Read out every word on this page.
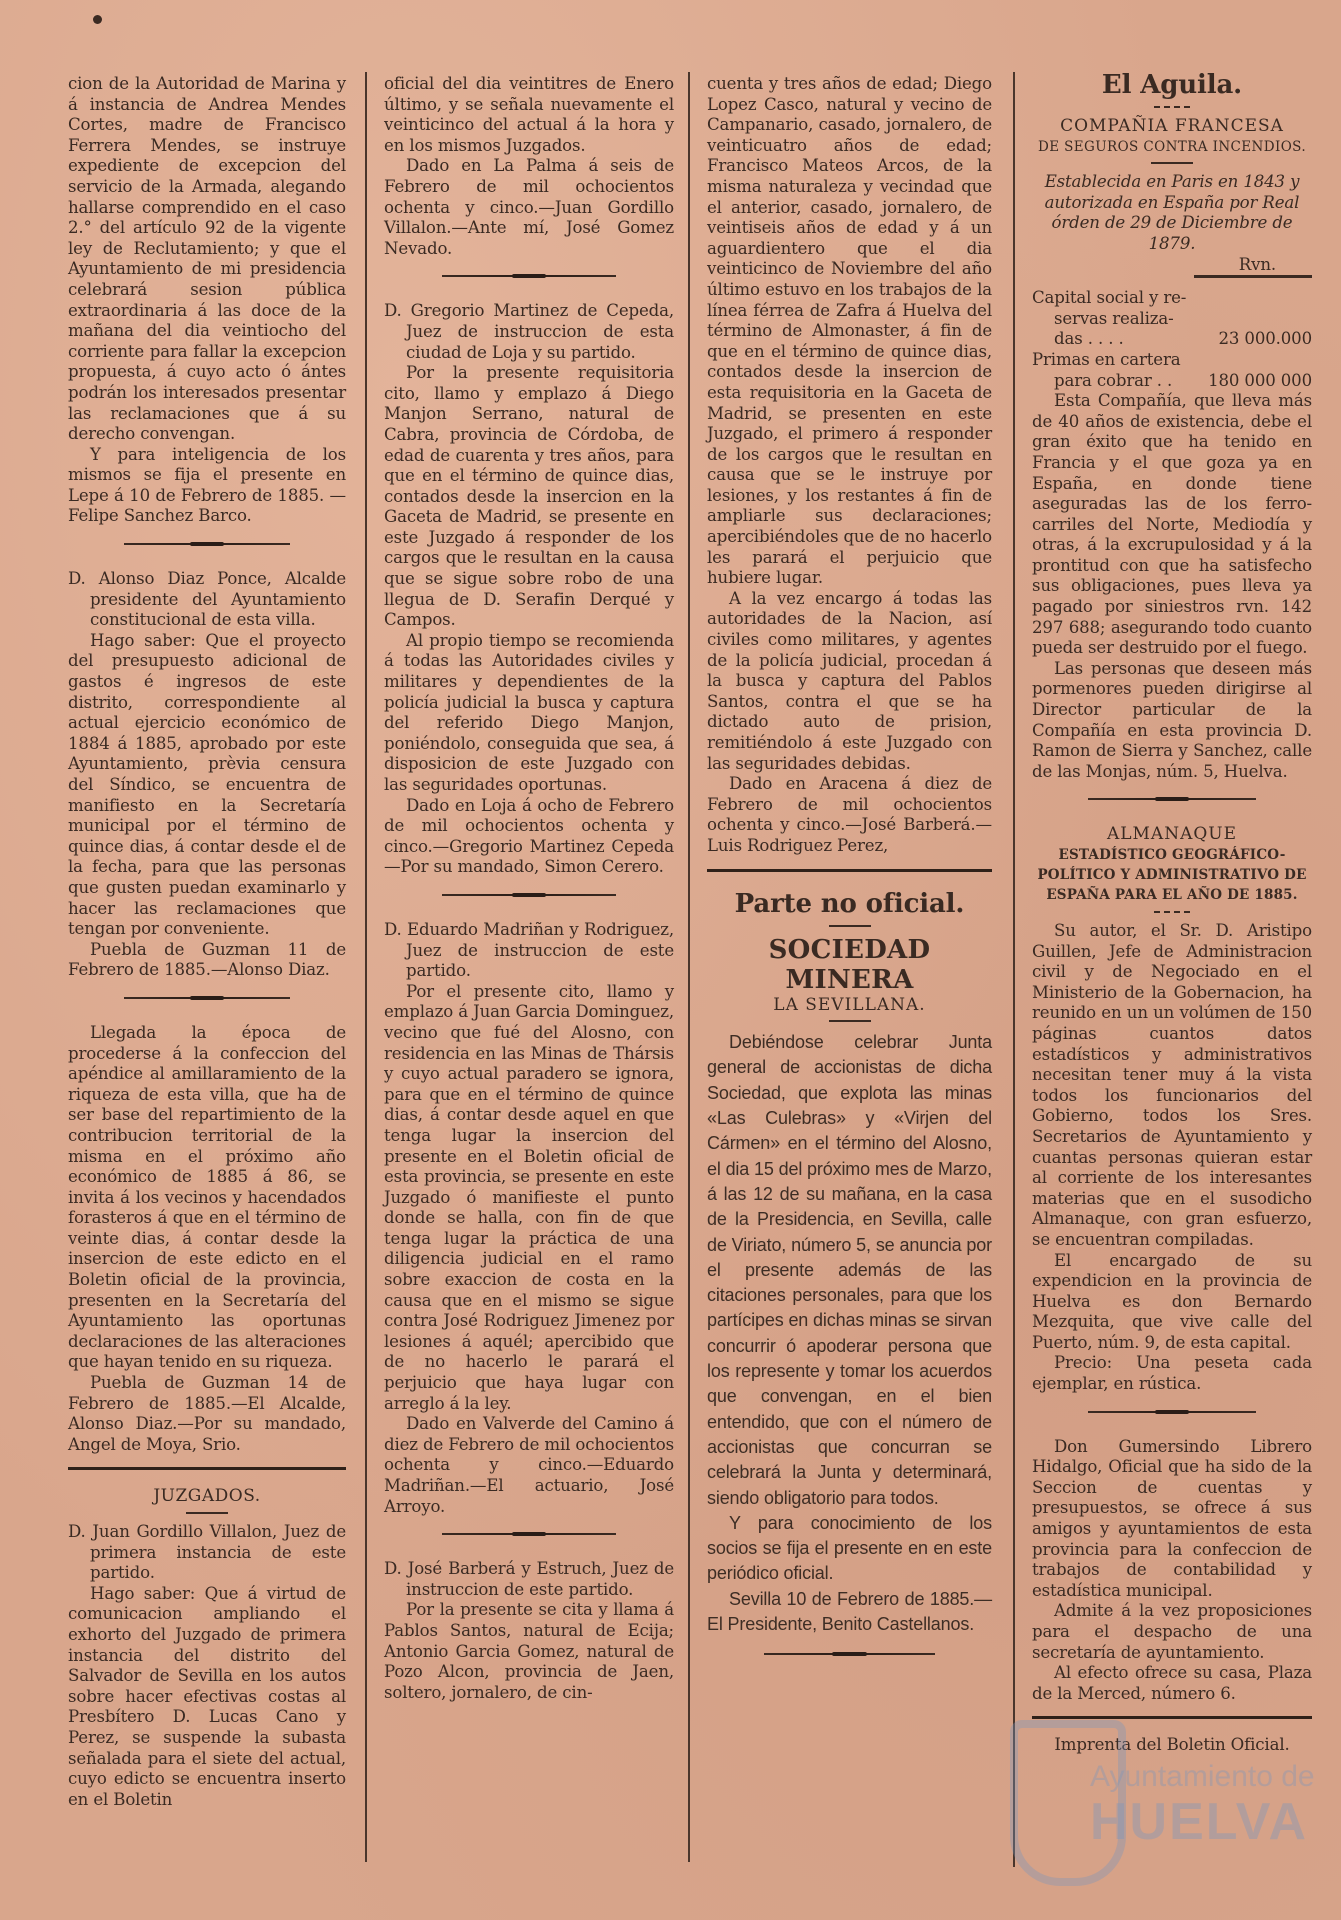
cion de la Autoridad de Marina y á instancia de Andrea Mendes Cortes, madre de Francisco Ferrera Mendes, se instruye expediente de excepcion del servicio de la Armada, alegando hallarse comprendido en el caso 2.° del artículo 92 de la vigente ley de Reclutamiento; y que el Ayuntamiento de mi presidencia celebrará sesion pública extraordinaria á las doce de la mañana del dia veintiocho del corriente para fallar la excepcion propuesta, á cuyo acto ó ántes podrán los interesados presentar las reclamaciones que á su derecho convengan.

Y para inteligencia de los mismos se fija el presente en Lepe á 10 de Febrero de 1885. —Felipe Sanchez Barco.

D. Alonso Diaz Ponce, Alcalde presidente del Ayuntamiento constitucional de esta villa.

Hago saber: Que el proyecto del presupuesto adicional de gastos é ingresos de este distrito, correspondiente al actual ejercicio económico de 1884 á 1885, aprobado por este Ayuntamiento, prèvia censura del Síndico, se encuentra de manifiesto en la Secretaría municipal por el término de quince dias, á contar desde el de la fecha, para que las personas que gusten puedan examinarlo y hacer las reclamaciones que tengan por conveniente.

Puebla de Guzman 11 de Febrero de 1885.—Alonso Diaz.

Llegada la época de procederse á la confeccion del apéndice al amillaramiento de la riqueza de esta villa, que ha de ser base del repartimiento de la contribucion territorial de la misma en el próximo año económico de 1885 á 86, se invita á los vecinos y hacendados forasteros á que en el término de veinte dias, á contar desde la insercion de este edicto en el Boletin oficial de la provincia, presenten en la Secretaría del Ayuntamiento las oportunas declaraciones de las alteraciones que hayan tenido en su riqueza.

Puebla de Guzman 14 de Febrero de 1885.—El Alcalde, Alonso Diaz.—Por su mandado, Angel de Moya, Srio.

JUZGADOS.

D. Juan Gordillo Villalon, Juez de primera instancia de este partido.

Hago saber: Que á virtud de comunicacion ampliando el exhorto del Juzgado de primera instancia del distrito del Salvador de Sevilla en los autos sobre hacer efectivas costas al Presbítero D. Lucas Cano y Perez, se suspende la subasta señalada para el siete del actual, cuyo edicto se encuentra inserto en el Boletin

oficial del dia veintitres de Enero último, y se señala nuevamente el veinticinco del actual á la hora y en los mismos Juzgados.

Dado en La Palma á seis de Febrero de mil ochocientos ochenta y cinco.—Juan Gordillo Villalon.—Ante mí, José Gomez Nevado.

D. Gregorio Martinez de Cepeda, Juez de instruccion de esta ciudad de Loja y su partido.

Por la presente requisitoria cito, llamo y emplazo á Diego Manjon Serrano, natural de Cabra, provincia de Córdoba, de edad de cuarenta y tres años, para que en el término de quince dias, contados desde la insercion en la Gaceta de Madrid, se presente en este Juzgado á responder de los cargos que le resultan en la causa que se sigue sobre robo de una llegua de D. Serafin Derqué y Campos.

Al propio tiempo se recomienda á todas las Autoridades civiles y militares y dependientes de la policía judicial la busca y captura del referido Diego Manjon, poniéndolo, conseguida que sea, á disposicion de este Juzgado con las seguridades oportunas.

Dado en Loja á ocho de Febrero de mil ochocientos ochenta y cinco.—Gregorio Martinez Cepeda —Por su mandado, Simon Cerero.

D. Eduardo Madriñan y Rodriguez, Juez de instruccion de este partido.

Por el presente cito, llamo y emplazo á Juan Garcia Dominguez, vecino que fué del Alosno, con residencia en las Minas de Thársis y cuyo actual paradero se ignora, para que en el término de quince dias, á contar desde aquel en que tenga lugar la insercion del presente en el Boletin oficial de esta provincia, se presente en este Juzgado ó manifieste el punto donde se halla, con fin de que tenga lugar la práctica de una diligencia judicial en el ramo sobre exaccion de costa en la causa que en el mismo se sigue contra José Rodriguez Jimenez por lesiones á aquél; apercibido que de no hacerlo le parará el perjuicio que haya lugar con arreglo á la ley.

Dado en Valverde del Camino á diez de Febrero de mil ochocientos ochenta y cinco.—Eduardo Madriñan.—El actuario, José Arroyo.

D. José Barberá y Estruch, Juez de instruccion de este partido.

Por la presente se cita y llama á Pablos Santos, natural de Ecija; Antonio Garcia Gomez, natural de Pozo Alcon, provincia de Jaen, soltero, jornalero, de cin-

cuenta y tres años de edad; Diego Lopez Casco, natural y vecino de Campanario, casado, jornalero, de veinticuatro años de edad; Francisco Mateos Arcos, de la misma naturaleza y vecindad que el anterior, casado, jornalero, de veintiseis años de edad y á un aguardientero que el dia veinticinco de Noviembre del año último estuvo en los trabajos de la línea férrea de Zafra á Huelva del término de Almonaster, á fin de que en el término de quince dias, contados desde la insercion de esta requisitoria en la Gaceta de Madrid, se presenten en este Juzgado, el primero á responder de los cargos que le resultan en causa que se le instruye por lesiones, y los restantes á fin de ampliarle sus declaraciones; apercibiéndoles que de no hacerlo les parará el perjuicio que hubiere lugar.

A la vez encargo á todas las autoridades de la Nacion, así civiles como militares, y agentes de la policía judicial, procedan á la busca y captura del Pablos Santos, contra el que se ha dictado auto de prision, remitiéndolo á este Juzgado con las seguridades debidas.

Dado en Aracena á diez de Febrero de mil ochocientos ochenta y cinco.—José Barberá.—Luis Rodriguez Perez,

Parte no oficial.
SOCIEDAD MINERA
LA SEVILLANA.

Debiéndose celebrar Junta general de accionistas de dicha Sociedad, que explota las minas «Las Culebras» y «Virjen del Cármen» en el término del Alosno, el dia 15 del próximo mes de Marzo, á las 12 de su mañana, en la casa de la Presidencia, en Sevilla, calle de Viriato, número 5, se anuncia por el presente además de las citaciones personales, para que los partícipes en dichas minas se sirvan concurrir ó apoderar persona que los represente y tomar los acuerdos que convengan, en el bien entendido, que con el número de accionistas que concurran se celebrará la Junta y determinará, siendo obligatorio para todos.

Y para conocimiento de los socios se fija el presente en en este periódico oficial.

Sevilla 10 de Febrero de 1885.—El Presidente, Benito Castellanos.

El Aguila.
COMPAÑIA FRANCESA
DE SEGUROS CONTRA INCENDIOS.

Establecida en Paris en 1843 y autorizada en España por Real órden de 29 de Diciembre de 1879.

Rvn.
Capital social y re-
servas realiza-
das . . . .	23 000.000
Primas en cartera
para cobrar . . 180 000 000

Esta Compañía, que lleva más de 40 años de existencia, debe el gran éxito que ha tenido en Francia y el que goza ya en España, en donde tiene aseguradas las de los ferro-carriles del Norte, Mediodía y otras, á la excrupulosidad y á la prontitud con que ha satisfecho sus obligaciones, pues lleva ya pagado por siniestros rvn. 142 297 688; asegurando todo cuanto pueda ser destruido por el fuego.

Las personas que deseen más pormenores pueden dirigirse al Director particular de la Compañía en esta provincia D. Ramon de Sierra y Sanchez, calle de las Monjas, núm. 5, Huelva.

ALMANAQUE
ESTADÍSTICO GEOGRÁFICO-POLÍTICO Y ADMINISTRATIVO DE ESPAÑA PARA EL AÑO DE 1885.

Su autor, el Sr. D. Aristipo Guillen, Jefe de Administracion civil y de Negociado en el Ministerio de la Gobernacion, ha reunido en un un volúmen de 150 páginas cuantos datos estadísticos y administrativos necesitan tener muy á la vista todos los funcionarios del Gobierno, todos los Sres. Secretarios de Ayuntamiento y cuantas personas quieran estar al corriente de los interesantes materias que en el susodicho Almanaque, con gran esfuerzo, se encuentran compiladas.

El encargado de su expendicion en la provincia de Huelva es don Bernardo Mezquita, que vive calle del Puerto, núm. 9, de esta capital.

Precio: Una peseta cada ejemplar, en rústica.

Don Gumersindo Librero Hidalgo, Oficial que ha sido de la Seccion de cuentas y presupuestos, se ofrece á sus amigos y ayuntamientos de esta provincia para la confeccion de trabajos de contabilidad y estadística municipal.

Admite á la vez proposiciones para el despacho de una secretaría de ayuntamiento.

Al efecto ofrece su casa, Plaza de la Merced, número 6.

Imprenta del Boletin Oficial.
Ayuntamiento de
HUELVA
